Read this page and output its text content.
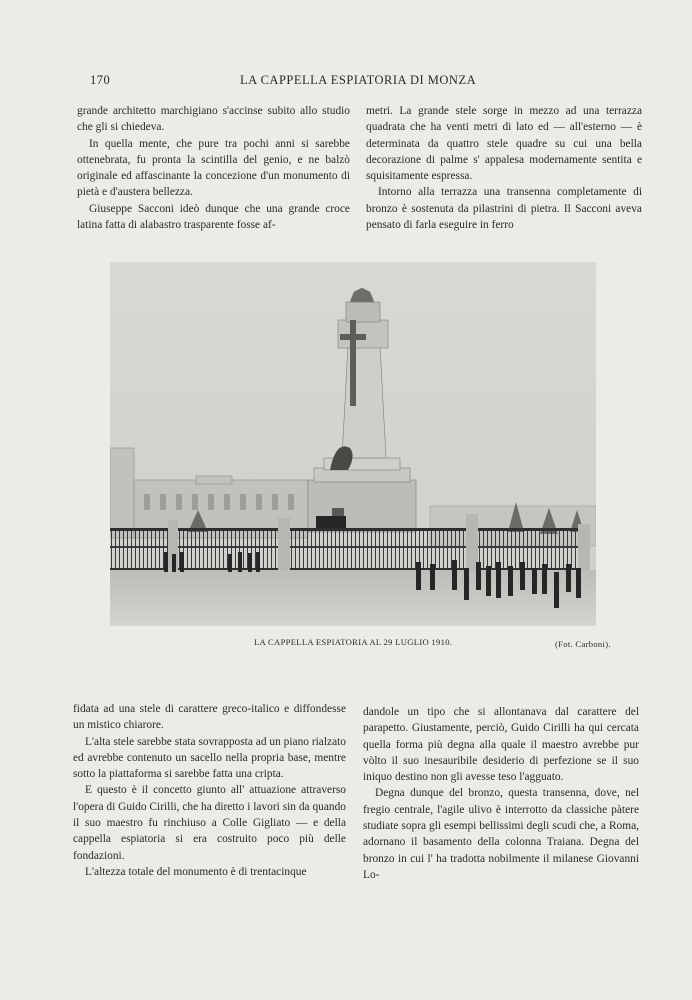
170	LA CAPPELLA ESPIATORIA DI MONZA

grande architetto marchigiano s'accinse subito allo studio che gli si chiedeva.

In quella mente, che pure tra pochi anni si sarebbe ottenebrata, fu pronta la scintilla del genio, e ne balzò originale ed affascinante la concezione d'un monumento di pietà e d'austera bellezza.

Giuseppe Sacconi ideò dunque che una grande croce latina fatta di alabastro trasparente fosse af-

metri. La grande stele sorge in mezzo ad una terrazza quadrata che ha venti metri di lato ed — all'esterno — è determinata da quattro stele quadre su cui una bella decorazione di palme s' appalesa modernamente sentita e squisitamente espressa.

Intorno alla terrazza una transenna completamente di bronzo è sostenuta da pilastrini di pietra. Il Sacconi aveva pensato di farla eseguire in ferro

LA CAPPELLA ESPIATORIA AL 29 LUGLIO 1910.	(Fot. Carboni).

fidata ad una stele di carattere greco-italico e diffondesse un mistico chiarore.

L'alta stele sarebbe stata sovrapposta ad un piano rialzato ed avrebbe contenuto un sacello nella propria base, mentre sotto la piattaforma si sarebbe fatta una cripta.

E questo è il concetto giunto all' attuazione attraverso l'opera di Guido Cirilli, che ha diretto i lavori sin da quando il suo maestro fu rinchiuso a Colle Gigliato — e della cappella espiatoria si era costruito poco più delle fondazioni.

L'altezza totale del monumento è di trentacinque

dandole un tipo che si allontanava dal carattere del parapetto. Giustamente, perciò, Guido Cirilli ha qui cercata quella forma più degna alla quale il maestro avrebbe pur vòlto il suo inesauribile desiderio di perfezione se il suo iniquo destino non gli avesse teso l'agguato.

Degna dunque del bronzo, questa transenna, dove, nel fregio centrale, l'agile ulivo è interrotto da classiche pàtere studiate sopra gli esempi bellissimi degli scudi che, a Roma, adornano il basamento della colonna Traiana. Degna del bronzo in cui l' ha tradotta nobilmente il milanese Giovanni Lo-
